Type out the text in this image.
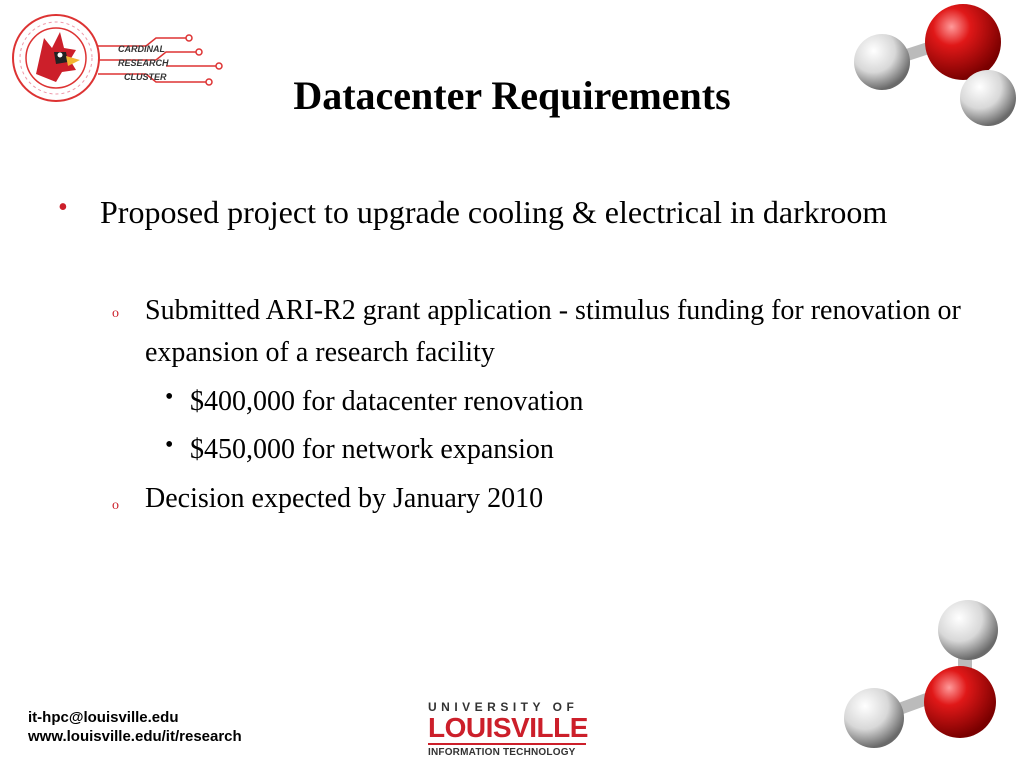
CARDINAL
RESEARCH
CLUSTER	Datacenter Requirements
• Proposed project to upgrade cooling & electrical in darkroom
o Submitted ARI-R2 grant application - stimulus funding for renovation or expansion of a research facility
• $400,000 for datacenter renovation
• $450,000 for network expansion
o Decision expected by January 2010
it-hpc@louisville.edu
www.louisville.edu/it/research
UNIVERSITY OF
LOUISVILLE
INFORMATION TECHNOLOGY
